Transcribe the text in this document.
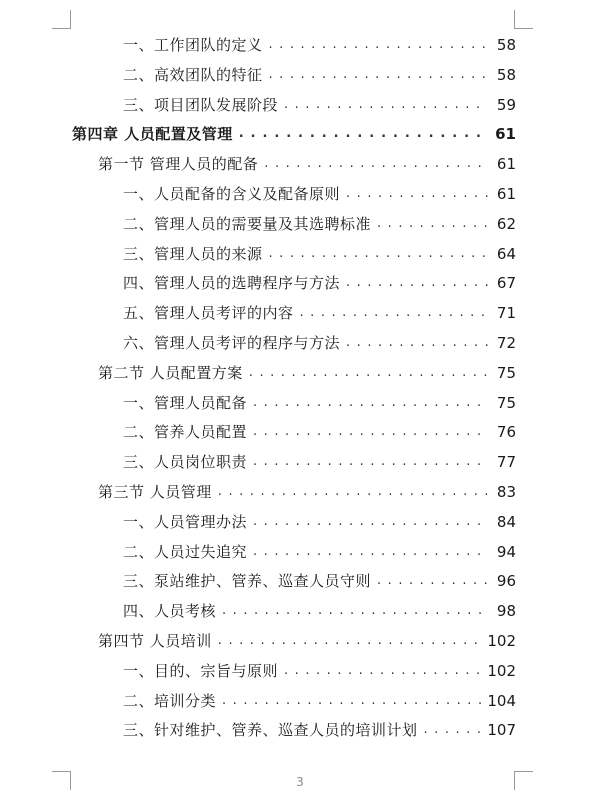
一、工作团队的定义 . . .	58
二、高效团队的特征 . . .	58
三、项目团队发展阶段 . . .	59
第四章 人员配置及管理 . . .	61
第一节 管理人员的配备 . . .	61
一、人员配备的含义及配备原则 . . .	61
二、管理人员的需要量及其选聘标准 . . .	62
三、管理人员的来源 . . .	64
四、管理人员的选聘程序与方法 . . .	67
五、管理人员考评的内容 . . .	71
六、管理人员考评的程序与方法 . . .	72
第二节 人员配置方案 . . .	75
一、管理人员配备 . . .	75
二、管养人员配置 . . .	76
三、人员岗位职责 . . .	77
第三节 人员管理 . . .	83
一、人员管理办法 . . .	84
二、人员过失追究 . . .	94
三、泵站维护、管养、巡查人员守则 . . .	96
四、人员考核 . . .	98
第四节 人员培训 . . .	102
一、目的、宗旨与原则 . . .	102
二、培训分类 . . .	104
三、针对维护、管养、巡查人员的培训计划 . . .	107
3
